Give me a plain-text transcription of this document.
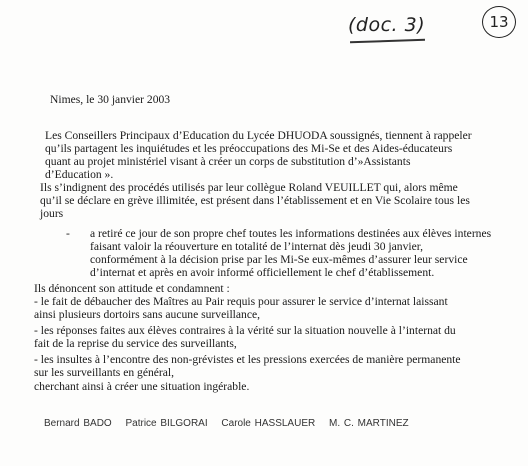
(doc. 3)	13
Nimes, le 30 janvier 2003
Les Conseillers Principaux d’Education du Lycée DHUODA soussignés, tiennent à rappeler
qu’ils partagent les inquiétudes et les préoccupations des Mi-Se et des Aides-éducateurs
quant au projet ministériel visant à créer un corps de substitution d’»Assistants
d’Education ».
Ils s’indignent des procédés utilisés par leur collègue Roland VEUILLET qui, alors même
qu’il se déclare en grève illimitée, est présent dans l’établissement et en Vie Scolaire tous les
jours
- a retiré ce jour de son propre chef toutes les informations destinées aux élèves internes
faisant valoir la réouverture en totalité de l’internat dès jeudi 30 janvier,
conformément à la décision prise par les Mi-Se eux-mêmes d’assurer leur service
d’internat et après en avoir informé officiellement le chef d’établissement.
Ils dénoncent son attitude et condamnent :
- le fait de débaucher des Maîtres au Pair requis pour assurer le service d’internat laissant
ainsi plusieurs dortoirs sans aucune surveillance,
- les réponses faites aux élèves contraires à la vérité sur la situation nouvelle à l’internat du
fait de la reprise du service des surveillants,
- les insultes à l’encontre des non-grévistes et les pressions exercées de manière permanente
sur les surveillants en général,
cherchant ainsi à créer une situation ingérable.
Bernard BADO Patrice BILGORAI Carole HASSLAUER M. C. MARTINEZ
